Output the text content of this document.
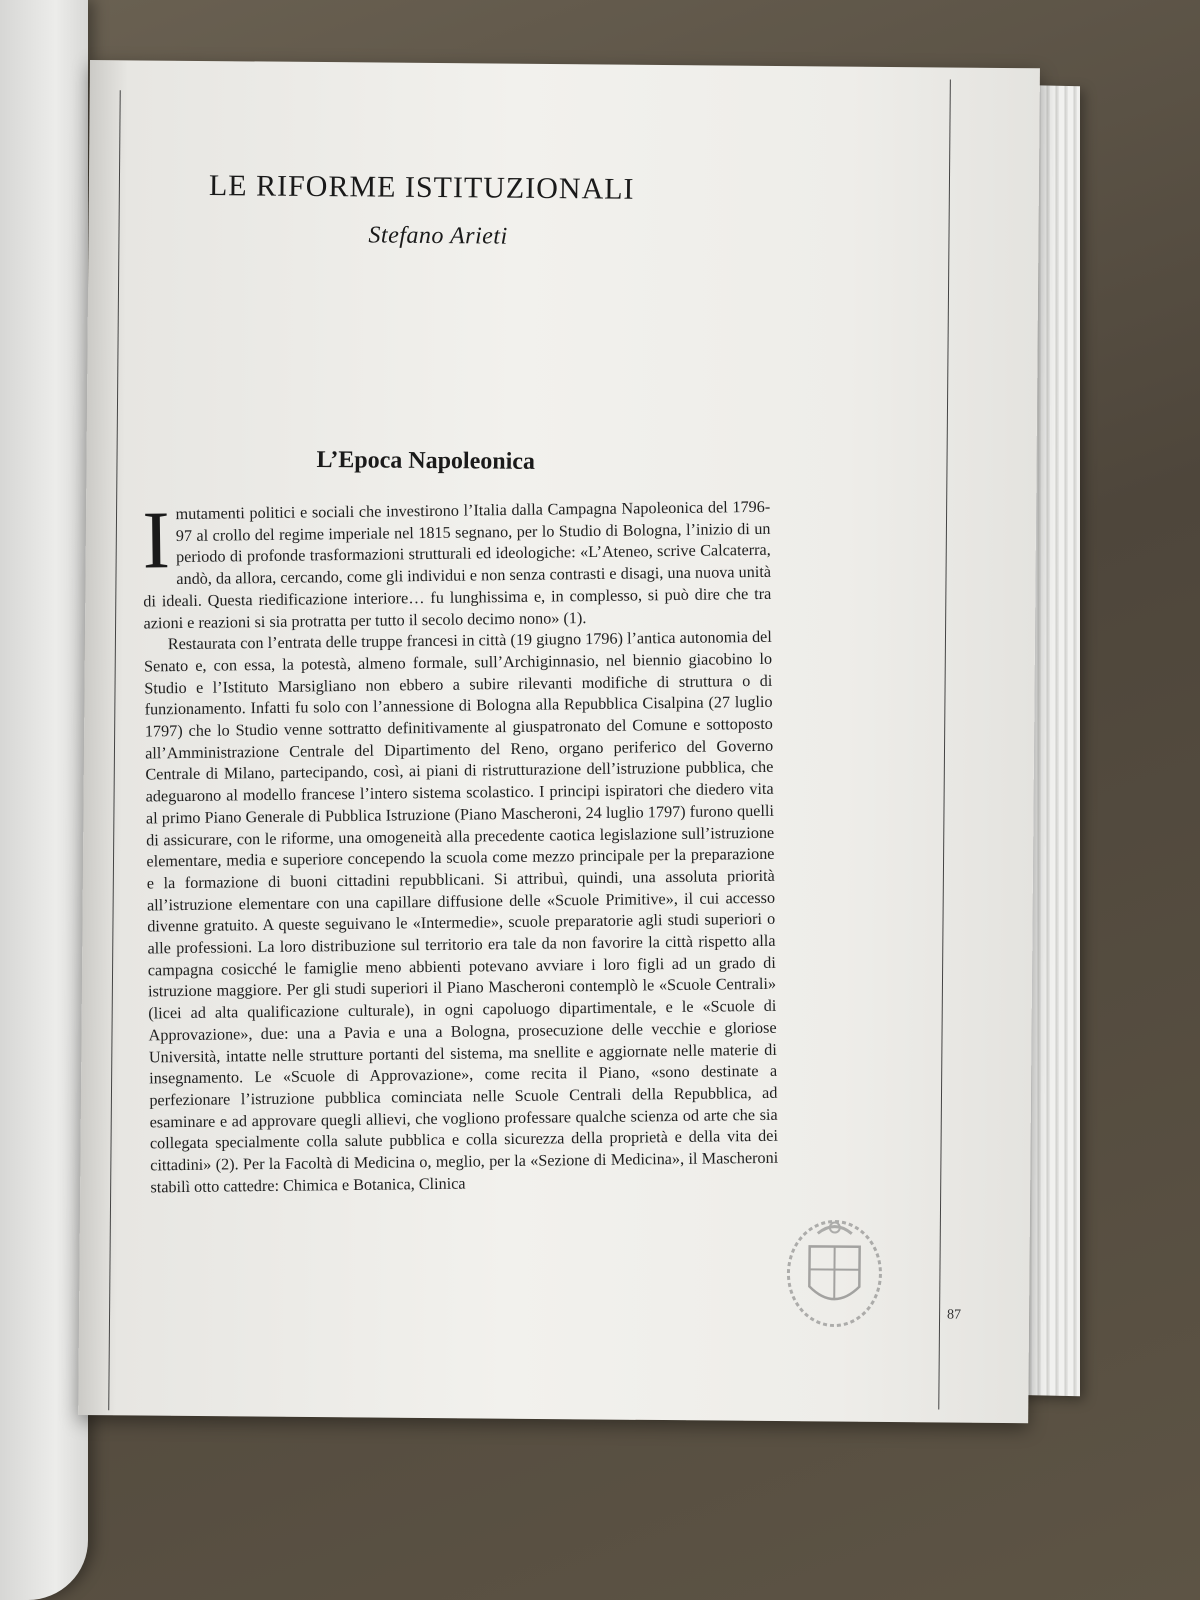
LE RIFORME ISTITUZIONALI
Stefano Arieti
L’Epoca Napoleonica

Imutamenti politici e sociali che investirono l’Italia dalla Campagna Napoleonica del 1796-97 al crollo del regime imperiale nel 1815 segnano, per lo Studio di Bologna, l’inizio di un periodo di profonde trasformazioni strutturali ed ideologiche: «L’Ateneo, scrive Calcaterra, andò, da allora, cercando, come gli individui e non senza contrasti e disagi, una nuova unità di ideali. Questa riedificazione interiore… fu lunghissima e, in complesso, si può dire che tra azioni e reazioni si sia protratta per tutto il secolo decimo nono» (1).

Restaurata con l’entrata delle truppe francesi in città (19 giugno 1796) l’antica autonomia del Senato e, con essa, la potestà, almeno formale, sull’Archiginnasio, nel biennio giacobino lo Studio e l’Istituto Marsigliano non ebbero a subire rilevanti modifiche di struttura o di funzionamento. Infatti fu solo con l’annessione di Bologna alla Repubblica Cisalpina (27 luglio 1797) che lo Studio venne sottratto definitivamente al giuspatronato del Comune e sottoposto all’Amministrazione Centrale del Dipartimento del Reno, organo periferico del Governo Centrale di Milano, partecipando, così, ai piani di ristrutturazione dell’istruzione pubblica, che adeguarono al modello francese l’intero sistema scolastico. I principi ispiratori che diedero vita al primo Piano Generale di Pubblica Istruzione (Piano Mascheroni, 24 luglio 1797) furono quelli di assicurare, con le riforme, una omogeneità alla precedente caotica legislazione sull’istruzione elementare, media e superiore concependo la scuola come mezzo principale per la preparazione e la formazione di buoni cittadini repubblicani. Si attribuì, quindi, una assoluta priorità all’istruzione elementare con una capillare diffusione delle «Scuole Primitive», il cui accesso divenne gratuito. A queste seguivano le «Intermedie», scuole preparatorie agli studi superiori o alle professioni. La loro distribuzione sul territorio era tale da non favorire la città rispetto alla campagna cosicché le famiglie meno abbienti potevano avviare i loro figli ad un grado di istruzione maggiore. Per gli studi superiori il Piano Mascheroni contemplò le «Scuole Centrali» (licei ad alta qualificazione culturale), in ogni capoluogo dipartimentale, e le «Scuole di Approvazione», due: una a Pavia e una a Bologna, prosecuzione delle vecchie e gloriose Università, intatte nelle strutture portanti del sistema, ma snellite e aggiornate nelle materie di insegnamento. Le «Scuole di Approvazione», come recita il Piano, «sono destinate a perfezionare l’istruzione pubblica cominciata nelle Scuole Centrali della Repubblica, ad esaminare e ad approvare quegli allievi, che vogliono professare qualche scienza od arte che sia collegata specialmente colla salute pubblica e colla sicurezza della proprietà e della vita dei cittadini» (2). Per la Facoltà di Medicina o, meglio, per la «Sezione di Medicina», il Mascheroni stabilì otto cattedre: Chimica e Botanica, Clinica

87
